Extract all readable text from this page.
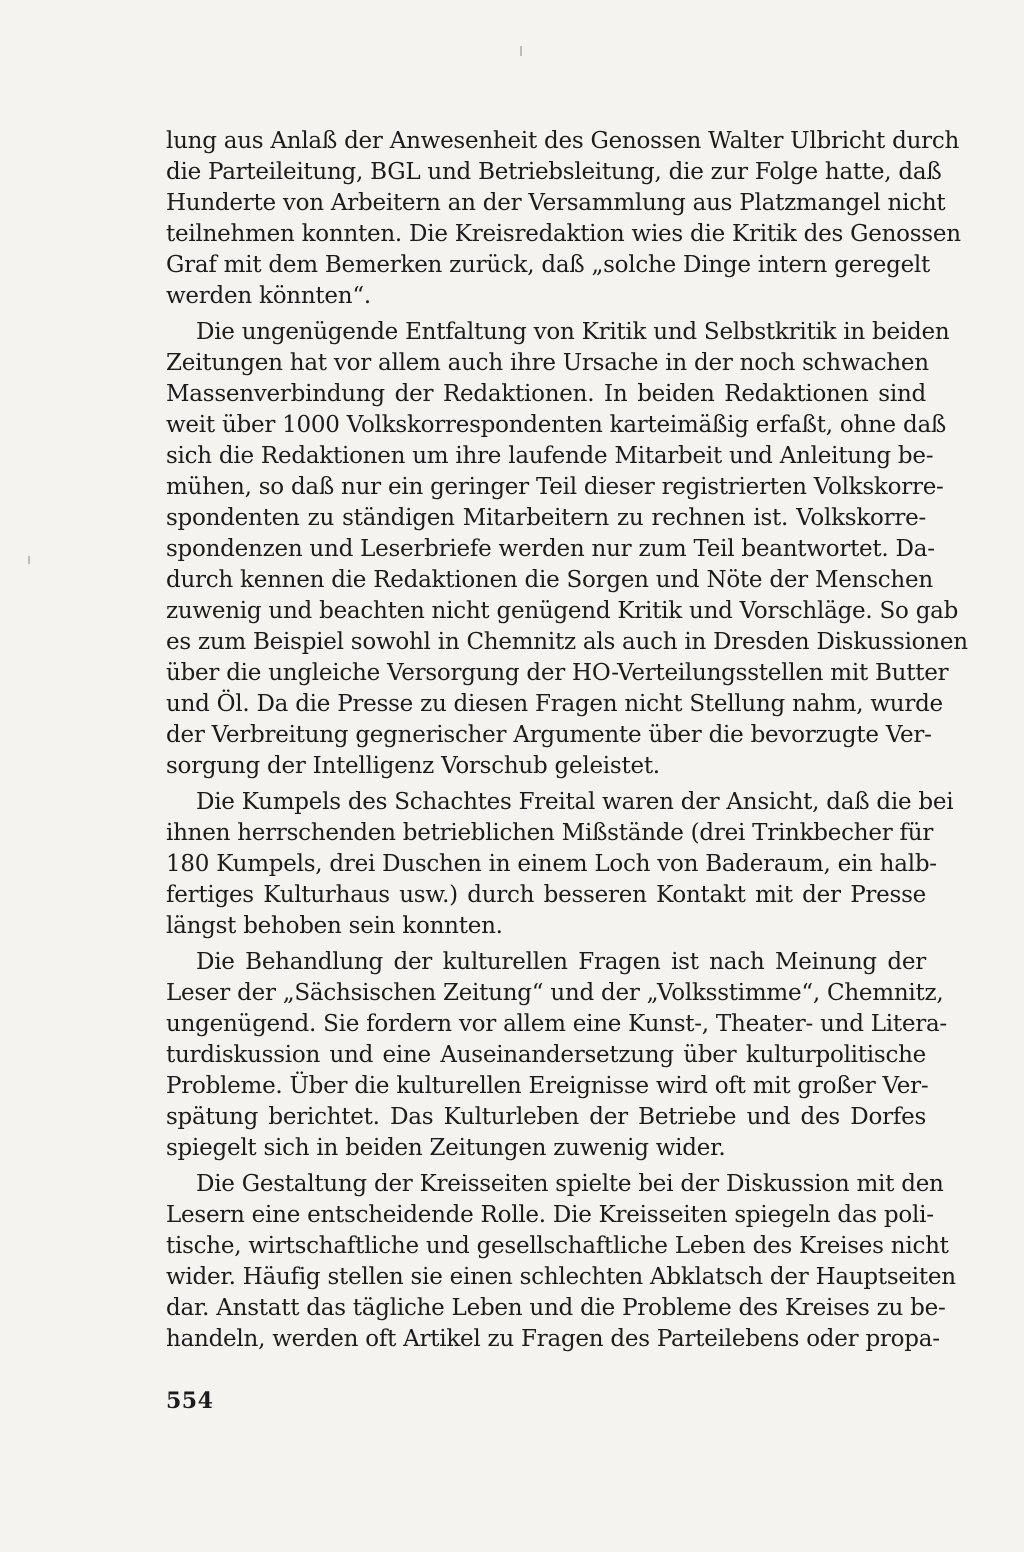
lung aus Anlaß der Anwesenheit des Genossen Walter Ulbricht durch
die Parteileitung, BGL und Betriebsleitung, die zur Folge hatte, daß
Hunderte von Arbeitern an der Versammlung aus Platzmangel nicht
teilnehmen konnten. Die Kreisredaktion wies die Kritik des Genossen
Graf mit dem Bemerken zurück, daß „solche Dinge intern geregelt
werden könnten“.
Die ungenügende Entfaltung von Kritik und Selbstkritik in beiden
Zeitungen hat vor allem auch ihre Ursache in der noch schwachen
Massenverbindung der Redaktionen. In beiden Redaktionen sind
weit über 1000 Volkskorrespondenten karteimäßig erfaßt, ohne daß
sich die Redaktionen um ihre laufende Mitarbeit und Anleitung be-
mühen, so daß nur ein geringer Teil dieser registrierten Volkskorre-
spondenten zu ständigen Mitarbeitern zu rechnen ist. Volkskorre-
spondenzen und Leserbriefe werden nur zum Teil beantwortet. Da-
durch kennen die Redaktionen die Sorgen und Nöte der Menschen
zuwenig und beachten nicht genügend Kritik und Vorschläge. So gab
es zum Beispiel sowohl in Chemnitz als auch in Dresden Diskussionen
über die ungleiche Versorgung der HO-Verteilungsstellen mit Butter
und Öl. Da die Presse zu diesen Fragen nicht Stellung nahm, wurde
der Verbreitung gegnerischer Argumente über die bevorzugte Ver-
sorgung der Intelligenz Vorschub geleistet.
Die Kumpels des Schachtes Freital waren der Ansicht, daß die bei
ihnen herrschenden betrieblichen Mißstände (drei Trinkbecher für
180 Kumpels, drei Duschen in einem Loch von Baderaum, ein halb-
fertiges Kulturhaus usw.) durch besseren Kontakt mit der Presse
längst behoben sein konnten.
Die Behandlung der kulturellen Fragen ist nach Meinung der
Leser der „Sächsischen Zeitung“ und der „Volksstimme“, Chemnitz,
ungenügend. Sie fordern vor allem eine Kunst-, Theater- und Litera-
turdiskussion und eine Auseinandersetzung über kulturpolitische
Probleme. Über die kulturellen Ereignisse wird oft mit großer Ver-
spätung berichtet. Das Kulturleben der Betriebe und des Dorfes
spiegelt sich in beiden Zeitungen zuwenig wider.
Die Gestaltung der Kreisseiten spielte bei der Diskussion mit den
Lesern eine entscheidende Rolle. Die Kreisseiten spiegeln das poli-
tische, wirtschaftliche und gesellschaftliche Leben des Kreises nicht
wider. Häufig stellen sie einen schlechten Abklatsch der Hauptseiten
dar. Anstatt das tägliche Leben und die Probleme des Kreises zu be-
handeln, werden oft Artikel zu Fragen des Parteilebens oder propa-
554
